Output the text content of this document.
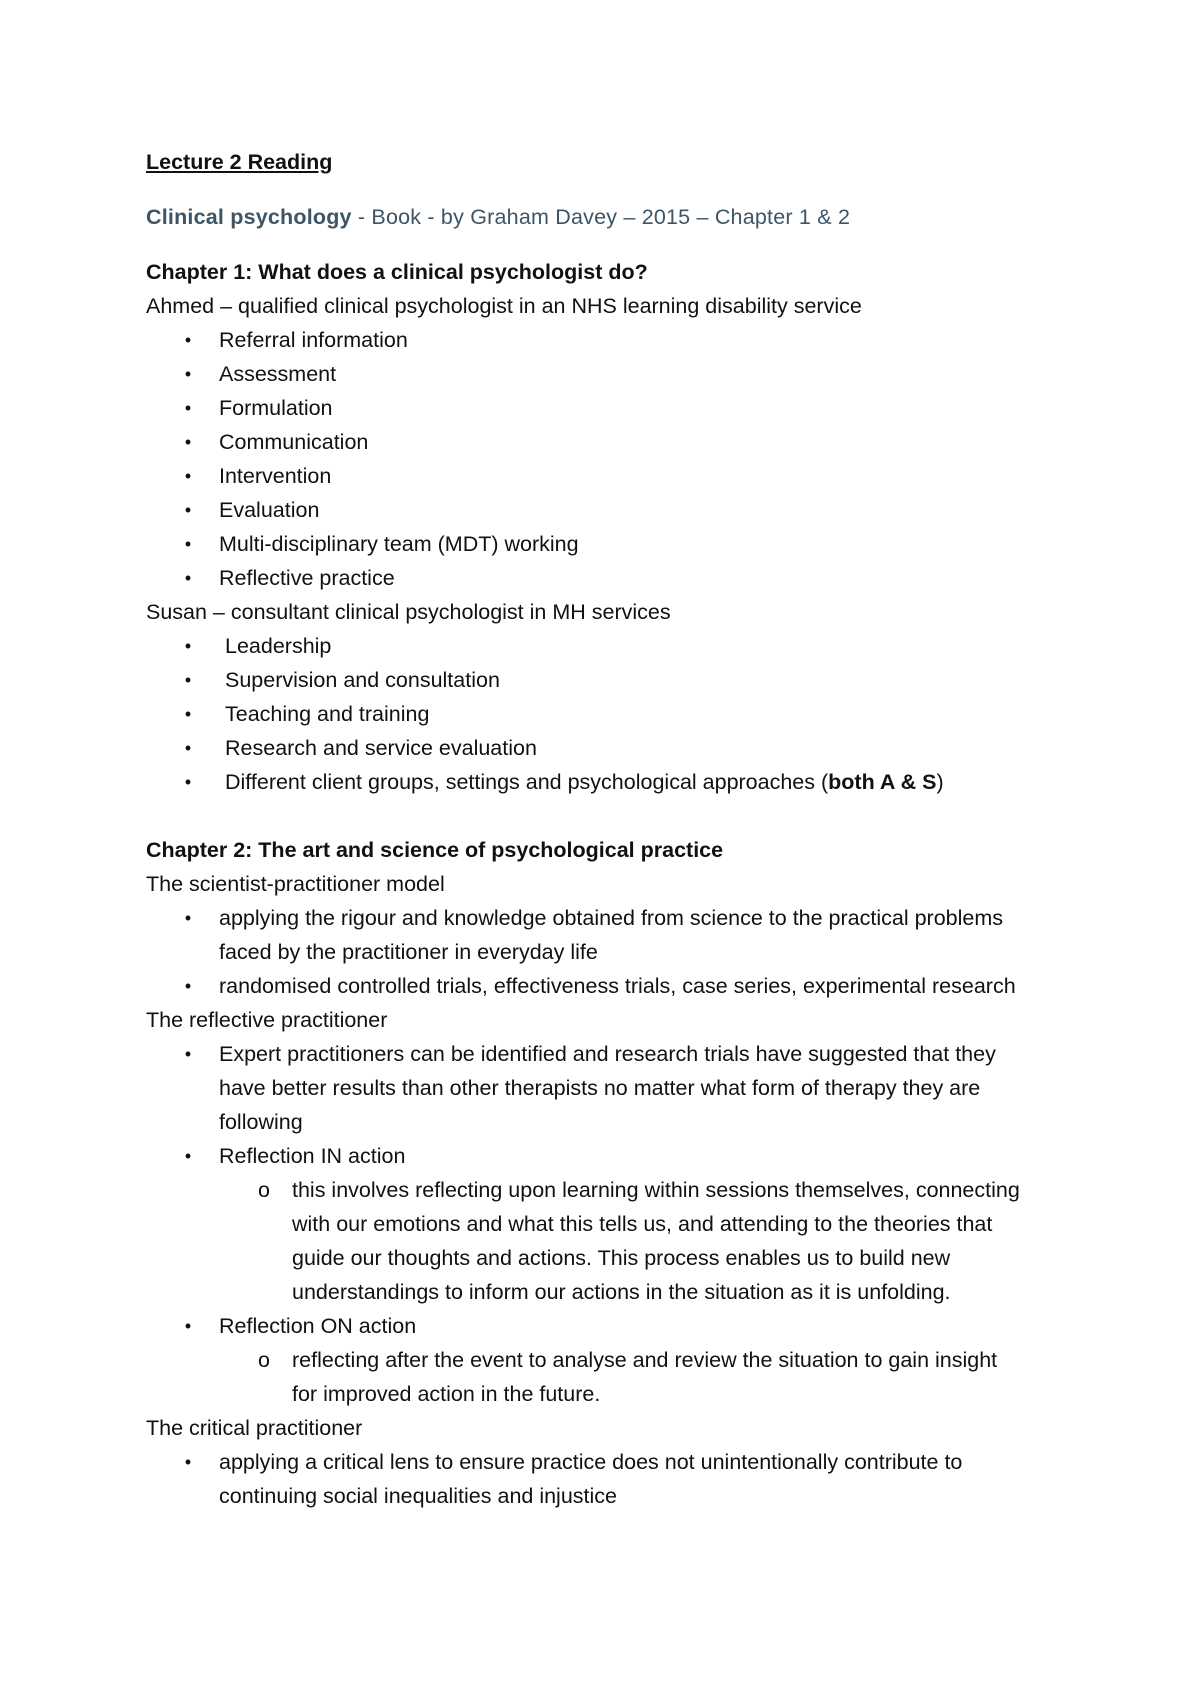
Lecture 2 Reading
Clinical psychology - Book - by Graham Davey – 2015 – Chapter 1 & 2
Chapter 1: What does a clinical psychologist do?
Ahmed – qualified clinical psychologist in an NHS learning disability service
• Referral information
• Assessment
• Formulation
• Communication
• Intervention
• Evaluation
• Multi-disciplinary team (MDT) working
• Reflective practice
Susan – consultant clinical psychologist in MH services
• Leadership
• Supervision and consultation
• Teaching and training
• Research and service evaluation
• Different client groups, settings and psychological approaches (both A & S)
Chapter 2: The art and science of psychological practice
The scientist-practitioner model
• applying the rigour and knowledge obtained from science to the practical problems
faced by the practitioner in everyday life
• randomised controlled trials, effectiveness trials, case series, experimental research
The reflective practitioner
• Expert practitioners can be identified and research trials have suggested that they
have better results than other therapists no matter what form of therapy they are
following
• Reflection IN action
o this involves reflecting upon learning within sessions themselves, connecting
with our emotions and what this tells us, and attending to the theories that
guide our thoughts and actions. This process enables us to build new
understandings to inform our actions in the situation as it is unfolding.
• Reflection ON action
o reflecting after the event to analyse and review the situation to gain insight
for improved action in the future.
The critical practitioner
• applying a critical lens to ensure practice does not unintentionally contribute to
continuing social inequalities and injustice
